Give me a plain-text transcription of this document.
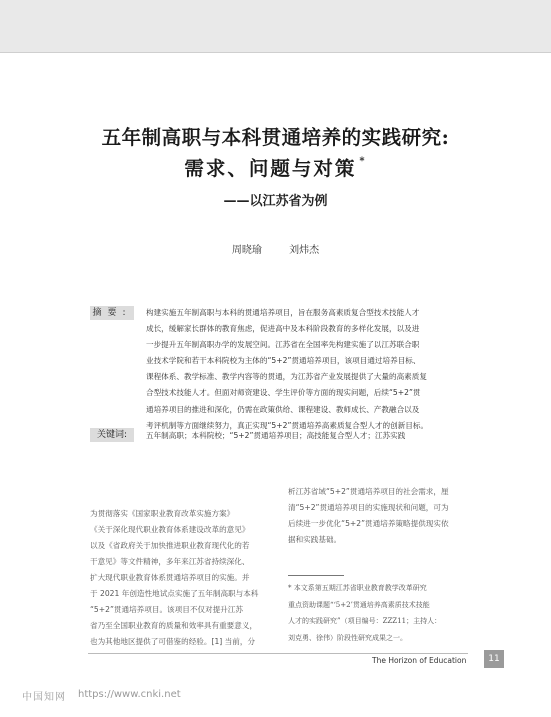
五年制高职与本科贯通培养的实践研究:
需求、问题与对策 *
——以江苏省为例
周晓瑜	刘炜杰
摘要:	构建实施五年制高职与本科的贯通培养项目，旨在服务高素质复合型技术技能人才
成长，缓解家长群体的教育焦虑，促进高中及本科阶段教育的多样化发展，以及进
一步提升五年制高职办学的发展空间。江苏省在全国率先构建实施了以江苏联合职
业技术学院和若干本科院校为主体的“5+2”贯通培养项目，该项目通过培养目标、
课程体系、教学标准、教学内容等的贯通，为江苏省产业发展提供了大量的高素质复
合型技术技能人才。但面对师资建设、学生评价等方面的现实问题，后续“5+2”贯
通培养项目的推进和深化，仍需在政策供给、课程建设、教师成长、产教融合以及
考评机制等方面继续努力，真正实现“5+2”贯通培养高素质复合型人才的创新目标。
关键词:	五年制高职；本科院校；“5+2”贯通培养项目；高技能复合型人才；江苏实践
为贯彻落实《国家职业教育改革实施方案》
《关于深化现代职业教育体系建设改革的意见》
以及《省政府关于加快推进职业教育现代化的若
干意见》等文件精神，多年来江苏省持续深化、
扩大现代职业教育体系贯通培养项目的实施。并
于 2021 年创造性地试点实施了五年制高职与本科
“5+2”贯通培养项目。该项目不仅对提升江苏
省乃至全国职业教育的质量和效率具有重要意义，
也为其他地区提供了可借鉴的经验。[1] 当前，分
析江苏省域“5+2”贯通培养项目的社会需求，厘
清“5+2”贯通培养项目的实施现状和问题，可为
后续进一步优化“5+2”贯通培养策略提供现实依
据和实践基础。
* 本文系第五期江苏省职业教育教学改革研究
重点资助课题“‘5+2’贯通培养高素质技术技能
人才的实践研究”（项目编号：ZZZ11；主持人：
刘克勇、徐伟）阶段性研究成果之一。
The Horizon of Education	11
中国知网 https://www.cnki.net
